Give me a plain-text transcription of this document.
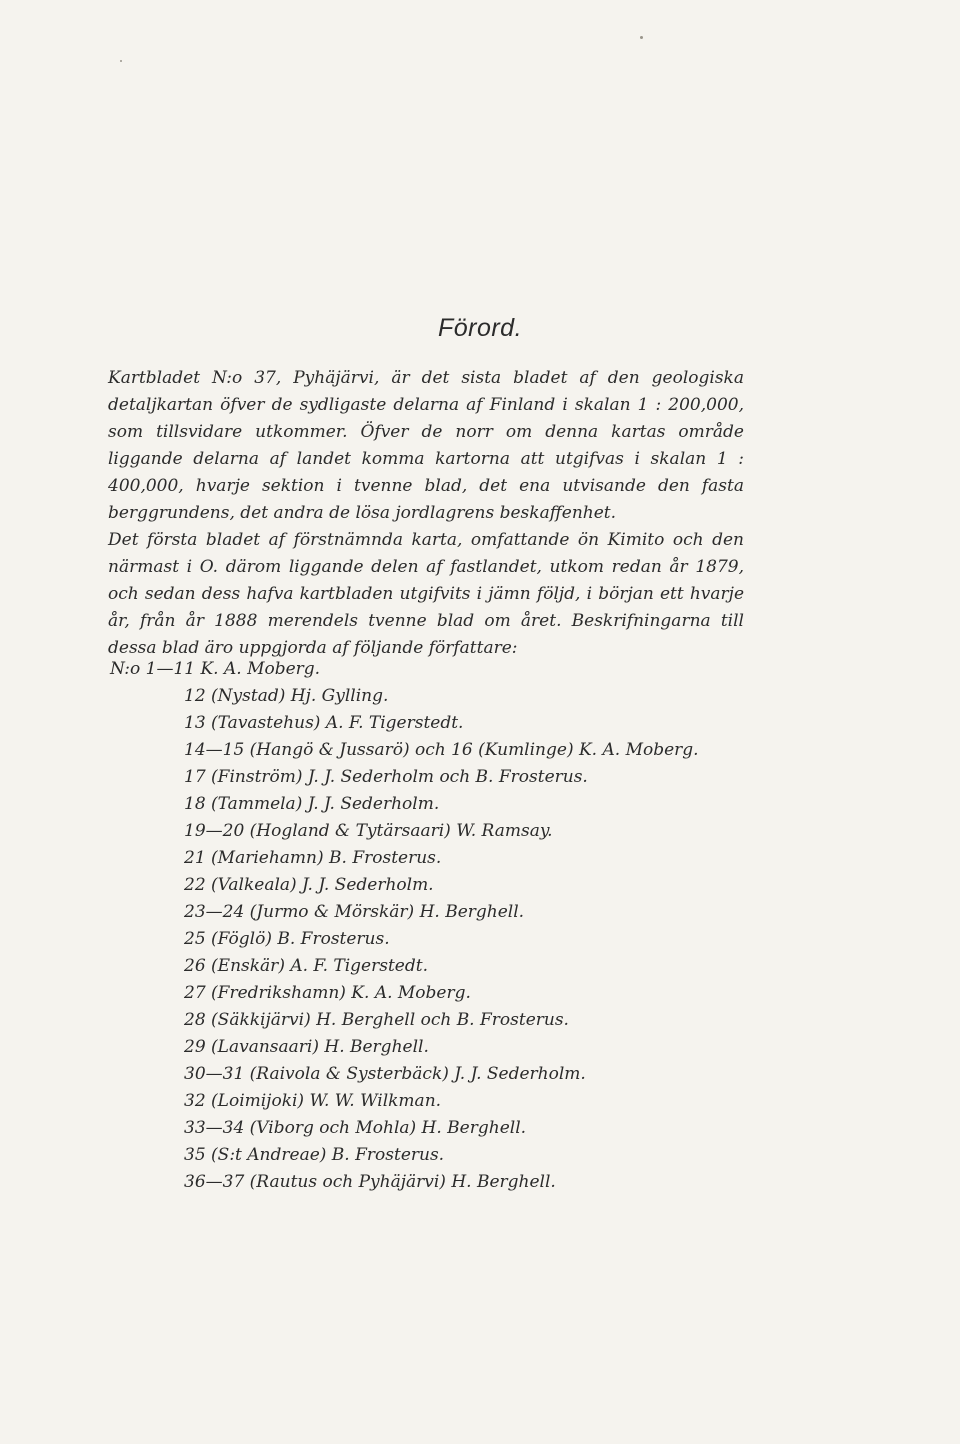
Förord.

Kartbladet N:o 37, Pyhäjärvi, är det sista bladet af den geologiska detaljkartan öfver de sydligaste delarna af Finland i skalan 1 : 200,000, som tillsvidare utkommer. Öfver de norr om denna kartas område liggande delarna af landet komma kartorna att utgifvas i skalan 1 : 400,000, hvarje sektion i tvenne blad, det ena utvisande den fasta berggrundens, det andra de lösa jordlagrens beskaffenhet.

Det första bladet af förstnämnda karta, omfattande ön Kimito och den närmast i O. därom liggande delen af fastlandet, utkom redan år 1879, och sedan dess hafva kartbladen utgifvits i jämn följd, i början ett hvarje år, från år 1888 merendels tvenne blad om året. Beskrifningarna till dessa blad äro uppgjorda af följande författare:

N:o 1—11 K. A. Moberg.
12 (Nystad) Hj. Gylling.
13 (Tavastehus) A. F. Tigerstedt.
14—15 (Hangö & Jussarö) och 16 (Kumlinge) K. A. Moberg.
17 (Finström) J. J. Sederholm och B. Frosterus.
18 (Tammela) J. J. Sederholm.
19—20 (Hogland & Tytärsaari) W. Ramsay.
21 (Mariehamn) B. Frosterus.
22 (Valkeala) J. J. Sederholm.
23—24 (Jurmo & Mörskär) H. Berghell.
25 (Föglö) B. Frosterus.
26 (Enskär) A. F. Tigerstedt.
27 (Fredrikshamn) K. A. Moberg.
28 (Säkkijärvi) H. Berghell och B. Frosterus.
29 (Lavansaari) H. Berghell.
30—31 (Raivola & Systerbäck) J. J. Sederholm.
32 (Loimijoki) W. W. Wilkman.
33—34 (Viborg och Mohla) H. Berghell.
35 (S:t Andreae) B. Frosterus.
36—37 (Rautus och Pyhäjärvi) H. Berghell.
